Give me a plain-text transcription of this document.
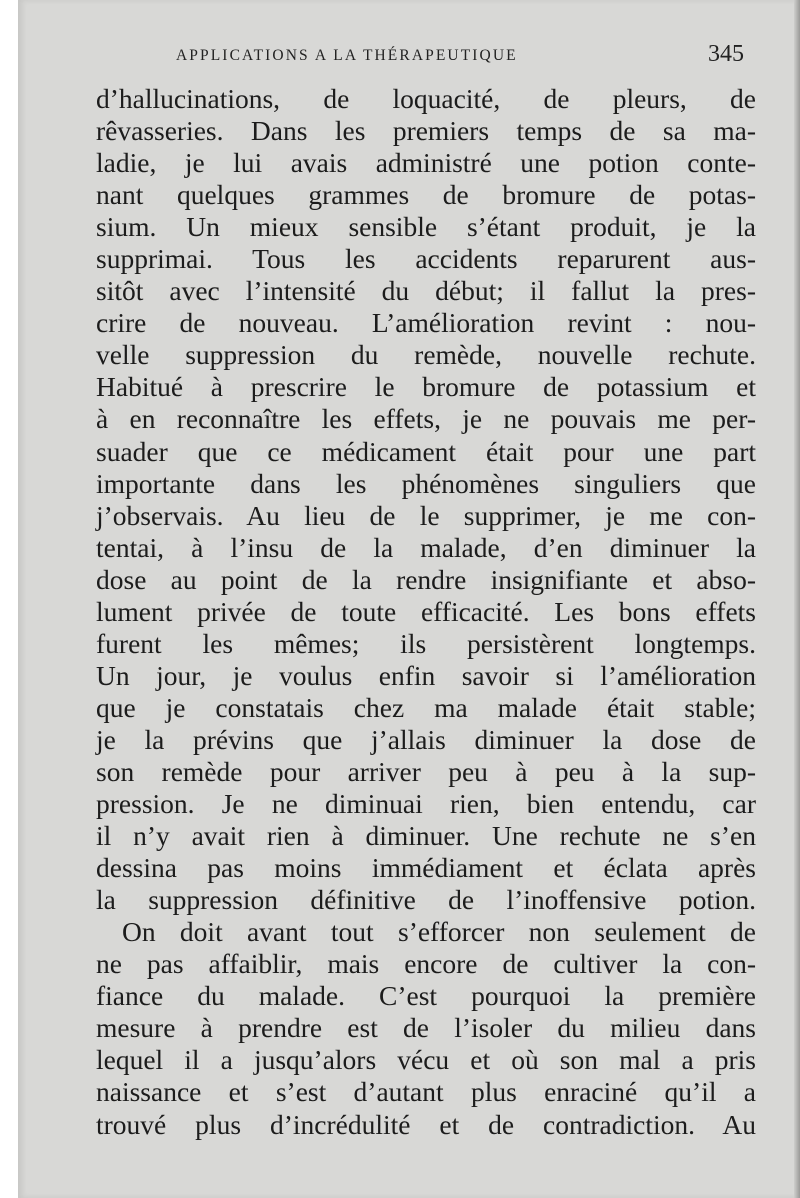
APPLICATIONS A LA THÉRAPEUTIQUE	345
d’hallucinations, de loquacité, de pleurs, de
rêvasseries. Dans les premiers temps de sa ma-
ladie, je lui avais administré une potion conte-
nant quelques grammes de bromure de potas-
sium. Un mieux sensible s’étant produit, je la
supprimai. Tous les accidents reparurent aus-
sitôt avec l’intensité du début; il fallut la pres-
crire de nouveau. L’amélioration revint : nou-
velle suppression du remède, nouvelle rechute.
Habitué à prescrire le bromure de potassium et
à en reconnaître les effets, je ne pouvais me per-
suader que ce médicament était pour une part
importante dans les phénomènes singuliers que
j’observais. Au lieu de le supprimer, je me con-
tentai, à l’insu de la malade, d’en diminuer la
dose au point de la rendre insignifiante et abso-
lument privée de toute efficacité. Les bons effets
furent les mêmes; ils persistèrent longtemps.
Un jour, je voulus enfin savoir si l’amélioration
que je constatais chez ma malade était stable;
je la prévins que j’allais diminuer la dose de
son remède pour arriver peu à peu à la sup-
pression. Je ne diminuai rien, bien entendu, car
il n’y avait rien à diminuer. Une rechute ne s’en
dessina pas moins immédiament et éclata après
la suppression définitive de l’inoffensive potion.
On doit avant tout s’efforcer non seulement de
ne pas affaiblir, mais encore de cultiver la con-
fiance du malade. C’est pourquoi la première
mesure à prendre est de l’isoler du milieu dans
lequel il a jusqu’alors vécu et où son mal a pris
naissance et s’est d’autant plus enraciné qu’il a
trouvé plus d’incrédulité et de contradiction. Au
